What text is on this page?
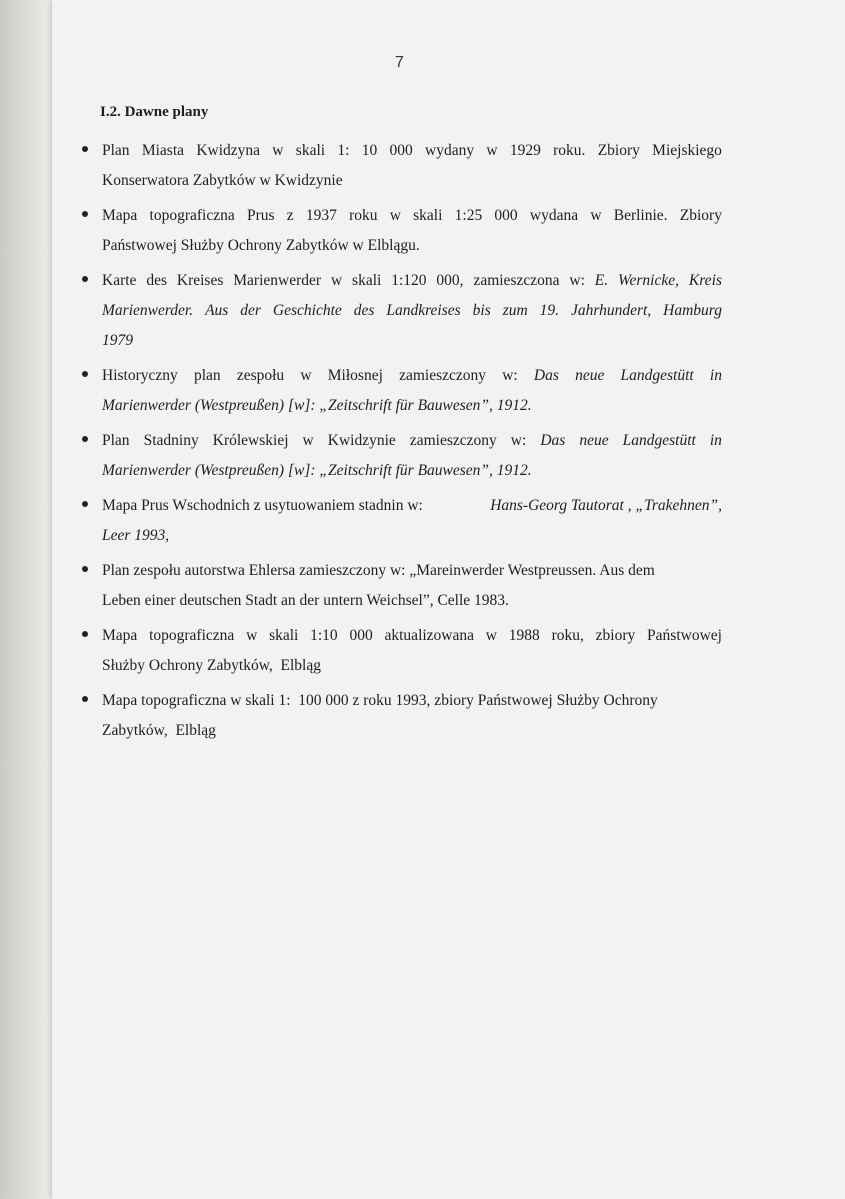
7
I.2. Dawne plany
Plan Miasta Kwidzyna w skali 1: 10 000 wydany w 1929 roku. Zbiory Miejskiego
Konserwatora Zabytków w Kwidzynie
Mapa topograficzna Prus z 1937 roku w skali 1:25 000 wydana w Berlinie. Zbiory
Państwowej Służby Ochrony Zabytków w Elblągu.
Karte des Kreises Marienwerder w skali 1:120 000, zamieszczona w: E. Wernicke, Kreis
Marienwerder. Aus der Geschichte des Landkreises bis zum 19. Jahrhundert, Hamburg
1979
Historyczny plan zespołu w Miłosnej zamieszczony w: Das neue Landgestütt in
Marienwerder (Westpreußen) [w]: „Zeitschrift für Bauwesen”, 1912.
Plan Stadniny Królewskiej w Kwidzynie zamieszczony w: Das neue Landgestütt in
Marienwerder (Westpreußen) [w]: „Zeitschrift für Bauwesen”, 1912.
Mapa Prus Wschodnich z usytuowaniem stadnin w:	Hans-Georg Tautorat , „Trakehnen”,
Leer 1993,
Plan zespołu autorstwa Ehlersa zamieszczony w: „Mareinwerder Westpreussen. Aus dem
Leben einer deutschen Stadt an der untern Weichsel”, Celle 1983.
Mapa topograficzna w skali 1:10 000 aktualizowana w 1988 roku, zbiory Państwowej
Służby Ochrony Zabytków,  Elbląg
Mapa topograficzna w skali 1:  100 000 z roku 1993, zbiory Państwowej Służby Ochrony
Zabytków,  Elbląg
